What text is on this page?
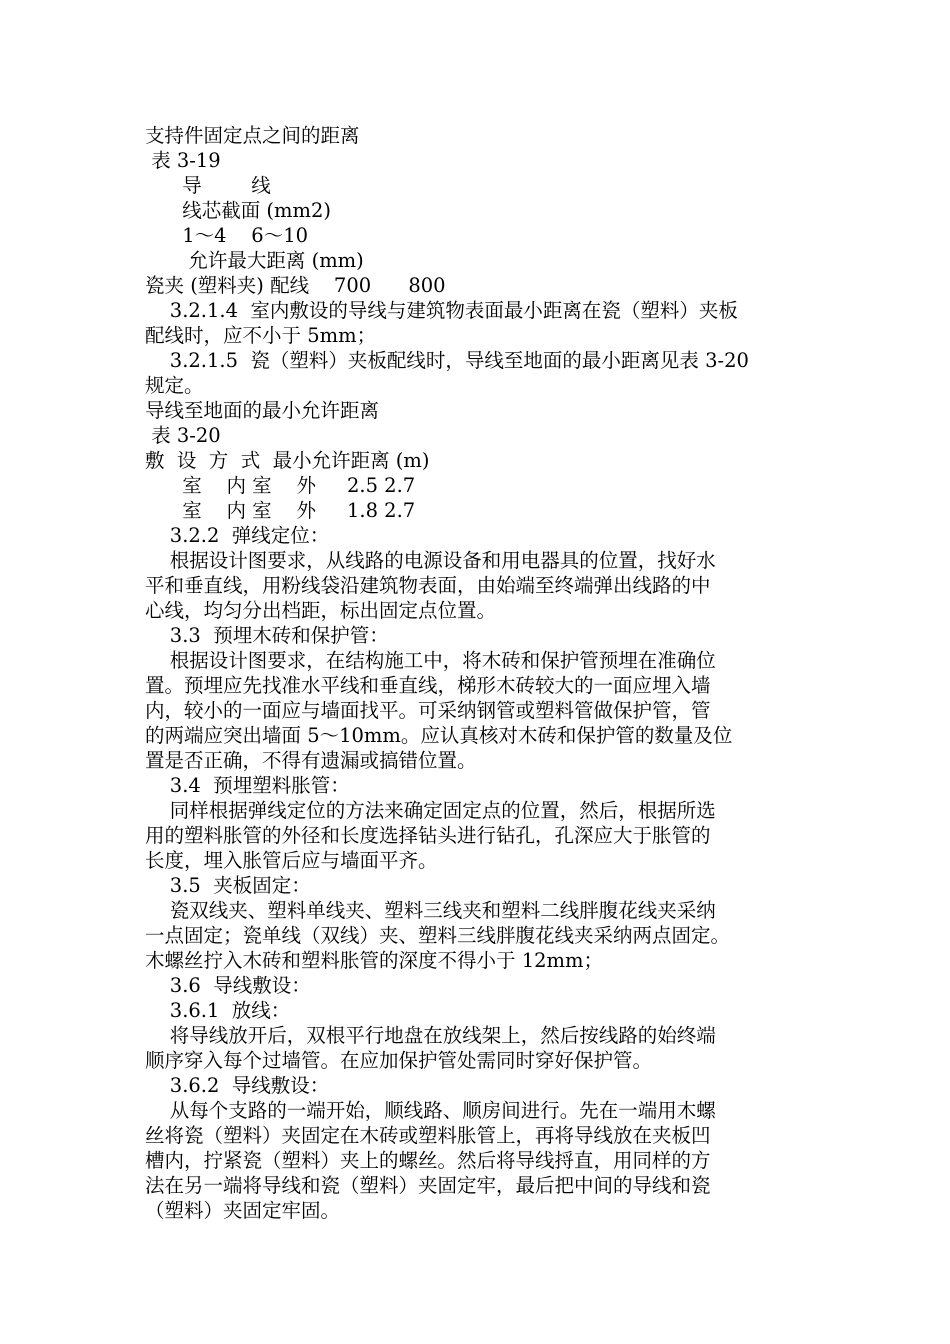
支持件固定点之间的距离

表 3-19

导        线

线芯截面 (mm2)

1～4    6～10

允许最大距离 (mm)

瓷夹 (塑料夹) 配线    700      800

3.2.1.4  室内敷设的导线与建筑物表面最小距离在瓷（塑料）夹板

配线时，应不小于 5mm；

3.2.1.5  瓷（塑料）夹板配线时，导线至地面的最小距离见表 3-20

规定。

导线至地面的最小允许距离

表 3-20

敷  设  方  式  最小允许距离 (m)

室    内 室    外     2.5 2.7

室    内 室    外     1.8 2.7

3.2.2  弹线定位：

根据设计图要求，从线路的电源设备和用电器具的位置，找好水

平和垂直线，用粉线袋沿建筑物表面，由始端至终端弹出线路的中

心线，均匀分出档距，标出固定点位置。

3.3  预埋木砖和保护管：

根据设计图要求，在结构施工中，将木砖和保护管预埋在准确位

置。预埋应先找准水平线和垂直线，梯形木砖较大的一面应埋入墙

内，较小的一面应与墙面找平。可采纳钢管或塑料管做保护管，管

的两端应突出墙面 5～10mm。应认真核对木砖和保护管的数量及位

置是否正确，不得有遗漏或搞错位置。

3.4  预埋塑料胀管：

同样根据弹线定位的方法来确定固定点的位置，然后，根据所选

用的塑料胀管的外径和长度选择钻头进行钻孔，孔深应大于胀管的

长度，埋入胀管后应与墙面平齐。

3.5  夹板固定：

瓷双线夹、塑料单线夹、塑料三线夹和塑料二线胖腹花线夹采纳

一点固定；瓷单线（双线）夹、塑料三线胖腹花线夹采纳两点固定。

木螺丝拧入木砖和塑料胀管的深度不得小于 12mm；

3.6  导线敷设：

3.6.1  放线：

将导线放开后，双根平行地盘在放线架上，然后按线路的始终端

顺序穿入每个过墙管。在应加保护管处需同时穿好保护管。

3.6.2  导线敷设：

从每个支路的一端开始，顺线路、顺房间进行。先在一端用木螺

丝将瓷（塑料）夹固定在木砖或塑料胀管上，再将导线放在夹板凹

槽内，拧紧瓷（塑料）夹上的螺丝。然后将导线捋直，用同样的方

法在另一端将导线和瓷（塑料）夹固定牢，最后把中间的导线和瓷

（塑料）夹固定牢固。
